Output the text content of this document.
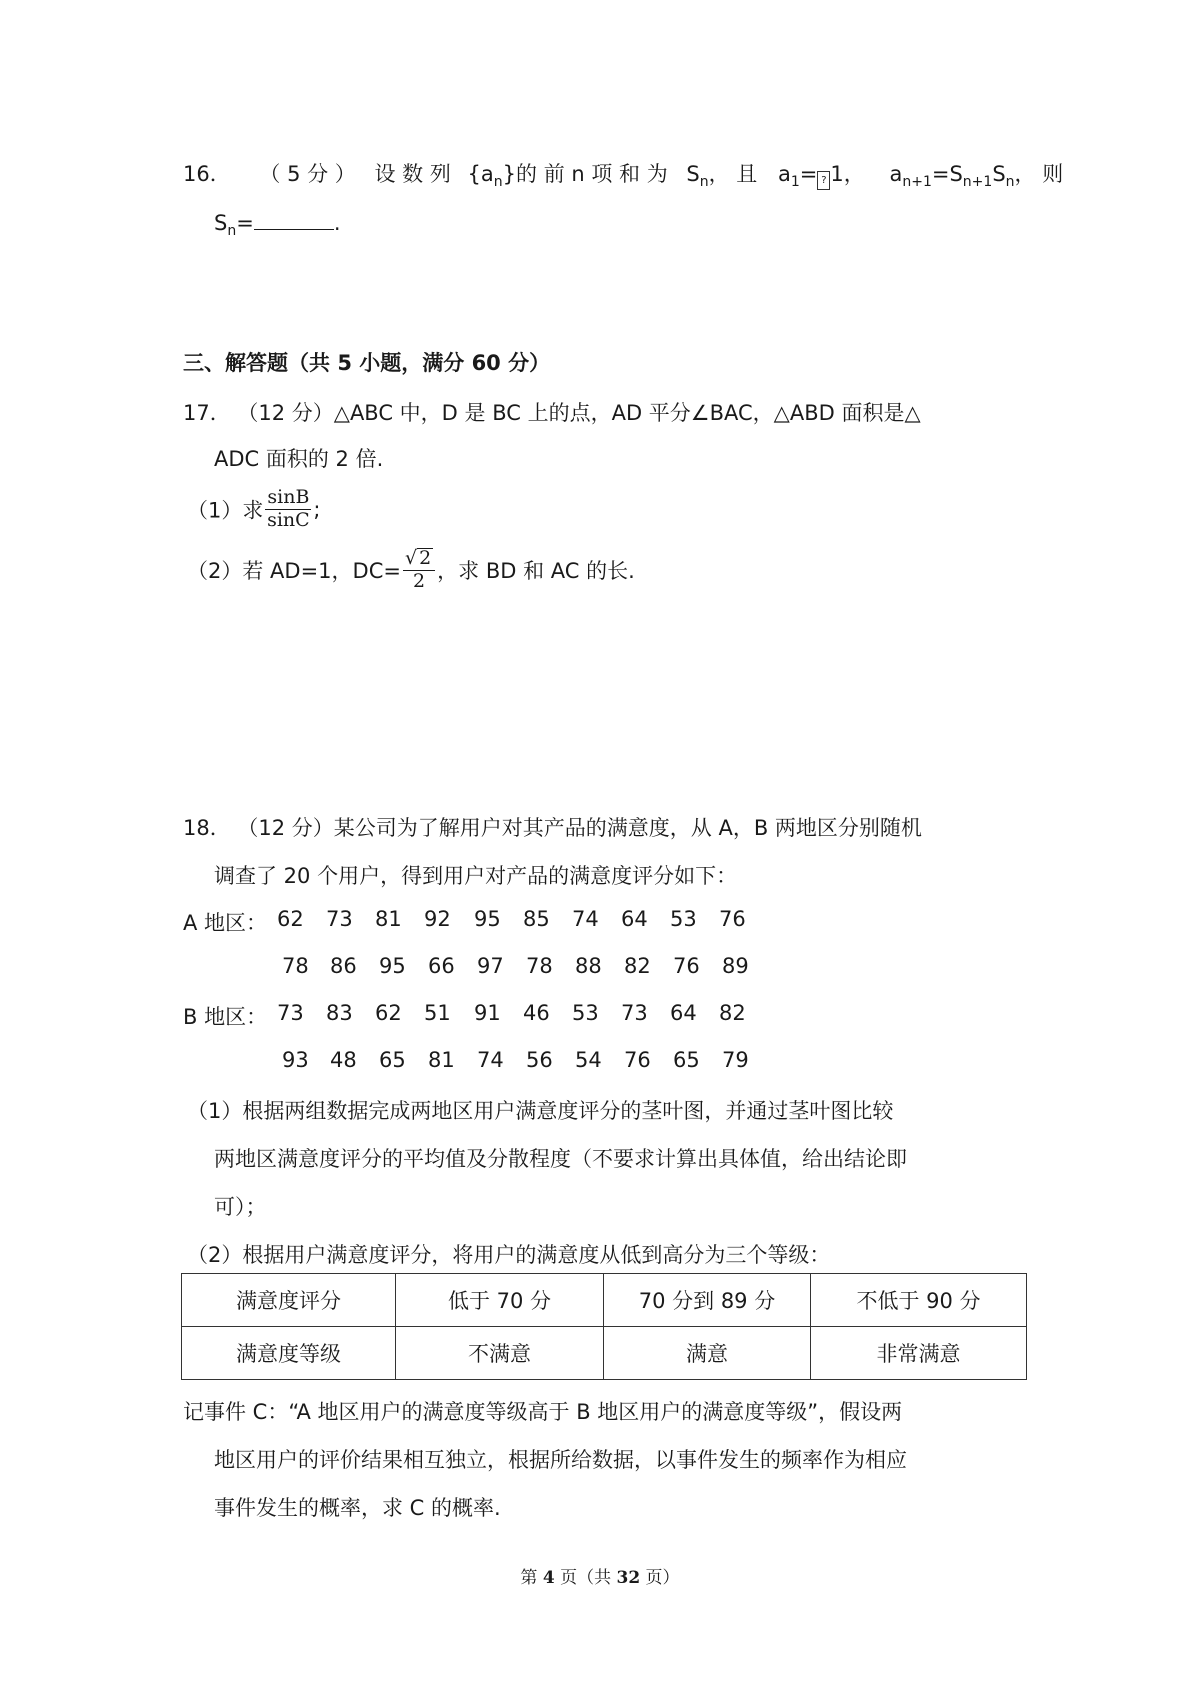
16． （ 5 分 ） 设 数 列 $\{a_n\}$的 前 n 项 和 为 $S_n$， 且 $a_1=$ ? 1， $a_{n+1}=S_{n+1}S_n$， 则
$S_n=$	.
三、解答题（共 5 小题，满分 60 分）
17． （12 分）△ABC 中，D 是 BC 上的点，AD 平分∠BAC，△ABD 面积是△
ADC 面积的 2 倍.
（1）求 $\frac{\sin B}{\sin C}$ ;
（2）若 AD=1，$DC= \frac{√ 2}{2}$ ，求 BD 和 AC 的长.
18． （12 分）某公司为了解用户对其产品的满意度，从 A，B 两地区分别随机
调查了 20 个用户，得到用户对产品的满意度评分如下：
A 地区： 62 73 81 92 95 85 74 64 53 76
78 86 95 66 97 78 88 82 76 89
B 地区： 73 83 62 51 91 46 53 73 64 82
93 48 65 81 74 56 54 76 65 79
（1）根据两组数据完成两地区用户满意度评分的茎叶图，并通过茎叶图比较
两地区满意度评分的平均值及分散程度（不要求计算出具体值，给出结论即
可）；
（2）根据用户满意度评分，将用户的满意度从低到高分为三个等级：
满意度评分	低于 70 分	70 分到 89 分	不低于 90 分
满意度等级	不满意	满意	非常满意
记事件 C：“A 地区用户的满意度等级高于 B 地区用户的满意度等级”，假设两
地区用户的评价结果相互独立，根据所给数据，以事件发生的频率作为相应
事件发生的概率，求 C 的概率.
第 4 页（共 32 页）
